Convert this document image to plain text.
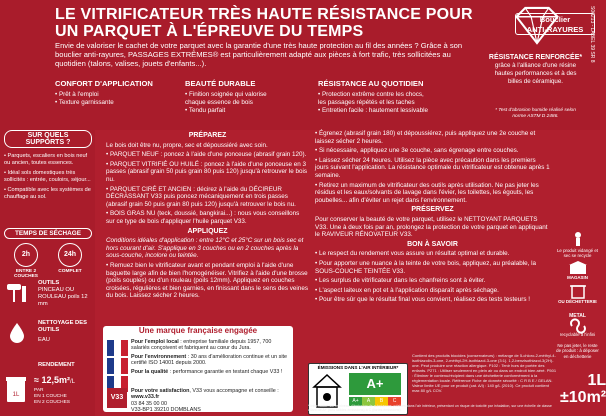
LE VITRIFICATEUR TRÈS HAUTE RÉSISTANCE POUR
UN PARQUET À L'ÉPREUVE DU TEMPS
Envie de valoriser le cachet de votre parquet avec la garantie d'une très haute protection au fil des années ? Grâce à son bouclier anti-rayures, PASSAGES EXTRÊMES® est particulièrement adapté aux pièces à fort trafic, très sollicitées au quotidien (talons, valises, jouets d'enfants...).
CONFORT D'APPLICATION
• Prêt à l'emploi
• Texture garnissante
BEAUTÉ DURABLE
• Finition soignée qui valorise
chaque essence de bois
• Tendu parfait
RÉSISTANCE AU QUOTIDIEN
• Protection extrême contre les chocs,
les passages répétés et les taches
• Entretien facile : hautement lessivable
Bouclier
ANTI-RAYURES
RÉSISTANCE RENFORCÉE*
grâce à l'alliance d'une résine hautes performances et à des billes de céramique.
* Test d'abrasion humide réalisé selon norme ASTM D 2486.
S06213 - LABEL 39 SR 8
SUR QUELS SUPPORTS ?
• Parquets, escaliers en bois neuf ou ancien, toutes essences.
• Idéal sols domestiques très sollicités : entrée, couloirs, séjour...
• Compatible avec les systèmes de chauffage au sol.
TEMPS DE SÉCHAGE
2h
ENTRE 2 COUCHES
24h
COMPLET
OUTILS
PINCEAU OU ROULEAU poils 12 mm
NETTOYAGE DES OUTILS
EAU
RENDEMENT
1L
≈ 12,5m²/L
PAR
EN 1 COUCHE
EN 2 COUCHES
PRÉPAREZ

Le bois doit être nu, propre, sec et dépoussiéré avec soin.

• PARQUET NEUF : poncez à l'aide d'une ponceuse (abrasif grain 120).

• PARQUET VITRIFIÉ OU HUILÉ : poncez à l'aide d'une ponceuse en 3 passes (abrasif grain 50 puis grain 80 puis 120) jusqu'à retrouver le bois nu.

• PARQUET CIRÉ ET ANCIEN : décirez à l'aide du DÉCIREUR DÉCRASSANT V33 puis poncez mécaniquement en trois passes (abrasif grain 50 puis grain 80 puis 120) jusqu'à retrouver le bois nu.

• BOIS GRAS NU (teck, doussié, bangkirai...) : nous vous conseillons sur ce type de bois d'appliquer l'huile parquet V33.

APPLIQUEZ

Conditions idéales d'application : entre 12°C et 25°C sur un bois sec et hors courant d'air. S'applique en 3 couches ou en 2 couches après la sous-couche, incolore ou teintée.

• Remuez bien le vitrificateur avant et pendant emploi à l'aide d'une baguette large afin de bien l'homogénéiser. Vitrifiez à l'aide d'une brosse (poils souples) ou d'un rouleau (poils 12mm). Appliquez en couches croisées, régulières et bien garnies, en finissant dans le sens des veines du bois. Laissez sécher 2 heures.

• Égrenez (abrasif grain 180) et dépoussiérez, puis appliquez une 2e couche et laissez sécher 2 heures.

• Si nécessaire, appliquez une 3e couche, sans égrenage entre couches.

• Laissez sécher 24 heures. Utilisez la pièce avec précaution dans les premiers jours suivant l'application. La résistance optimale du vitrificateur est obtenue après 1 semaine.

• Retirez un maximum de vitrificateur des outils après utilisation. Ne pas jeter les résidus et les eaux/solvants de lavage dans l'évier, les toilettes, les égouts, les poubelles... afin d'éviter un rejet dans l'environnement.

PRÉSERVEZ

Pour conserver la beauté de votre parquet, utilisez le NETTOYANT PARQUETS V33. Une à deux fois par an, prolongez la protection de votre parquet en appliquant le RAVIVEUR RÉNOVATEUR V33.

BON À SAVOIR

• Le respect du rendement vous assure un résultat optimal et durable.

• Pour apporter une nuance à la teinte de votre bois, appliquez, au préalable, la SOUS-COUCHE TEINTÉE V33.

• Les surplus de vitrificateur dans les chanfreins sont à éviter.

• L'aspect laiteux en pot et à l'application disparaît après séchage.

• Pour être sûr que le résultat final vous convient, réalisez des tests testeurs !

Une marque française engagée
Pour l'emploi local : entreprise familiale depuis 1957, 700 salariés conçoivent et fabriquent au cœur du Jura.
Pour l'environnement : 30 ans d'amélioration continue et un site certifié ISO 14001 depuis 2000.
Pour la qualité : performance garantie en testant chaque V33 !
V33
Pour votre satisfaction, V33 vous accompagne et conseille :
www.v33.fr
03 84 35 00 00
V33-BP1 39210 DOMBLANS
ÉMISSIONS DANS L'AIR INTÉRIEUR*
A+
A+	A	B	C
Contient des produits biocides (conservateurs) : mélange de 5-chloro-2-méthyl-4-isothiazolin-3-one, 2-méthyl-2H-isothiazol-3-one (3:1). 1,2-benzisothiazol-3(2H)-one. Peut produire une réaction allergique. P102 : Tenir hors de portée des enfants. P271 : Utiliser seulement en plein air ou dans un endroit bien aéré. P501 : Éliminer le contenu/récipient dans une déchetterie conformément à la réglementation locale. Référence Fiche de donnée sécurité : C R B E / GELAN. Valeur limite UE pour ce produit (cat. A/i) : 140 g/L (2010). Ce produit contient max 80 g/L COV.
* Information sur le niveau d'émission de substances volatiles dans l'air intérieur, présentant un risque de toxicité par inhalation, sur une échelle de classe allant de A+ (très faibles émissions) à C (fortes émissions).
Le produit vidangé et sec se recycle
MAGASIN
OU DÉCHETTERIE
METAL
recyclable à l'infini
Ne pas jeter, le reste de produit : à déposer en déchetterie
1L
±10m²
